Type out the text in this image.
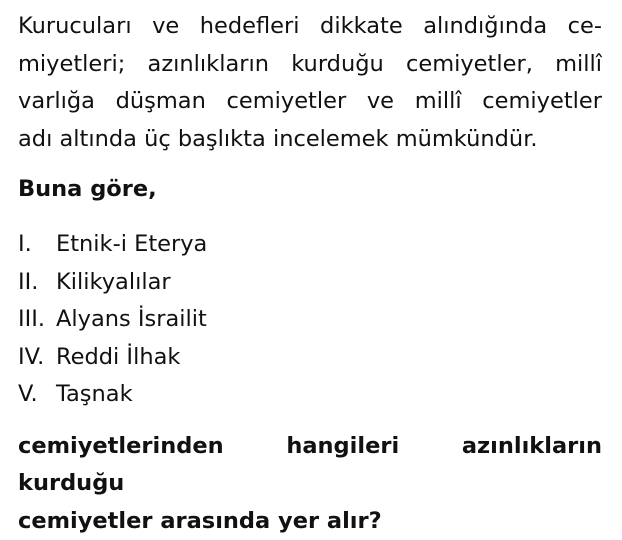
Kurucuları ve hedefleri dikkate alındığında ce-
miyetleri; azınlıkların kurduğu cemiyetler, millî
varlığa düşman cemiyetler ve millî cemiyetler
adı altında üç başlıkta incelemek mümkündür.

Buna göre,

I.	Etnik-i Eterya
II. Kilikyalılar
III. Alyans İsrailit
IV. Reddi İlhak
V. Taşnak

cemiyetlerinden hangileri azınlıkların kurduğu
cemiyetler arasında yer alır?
